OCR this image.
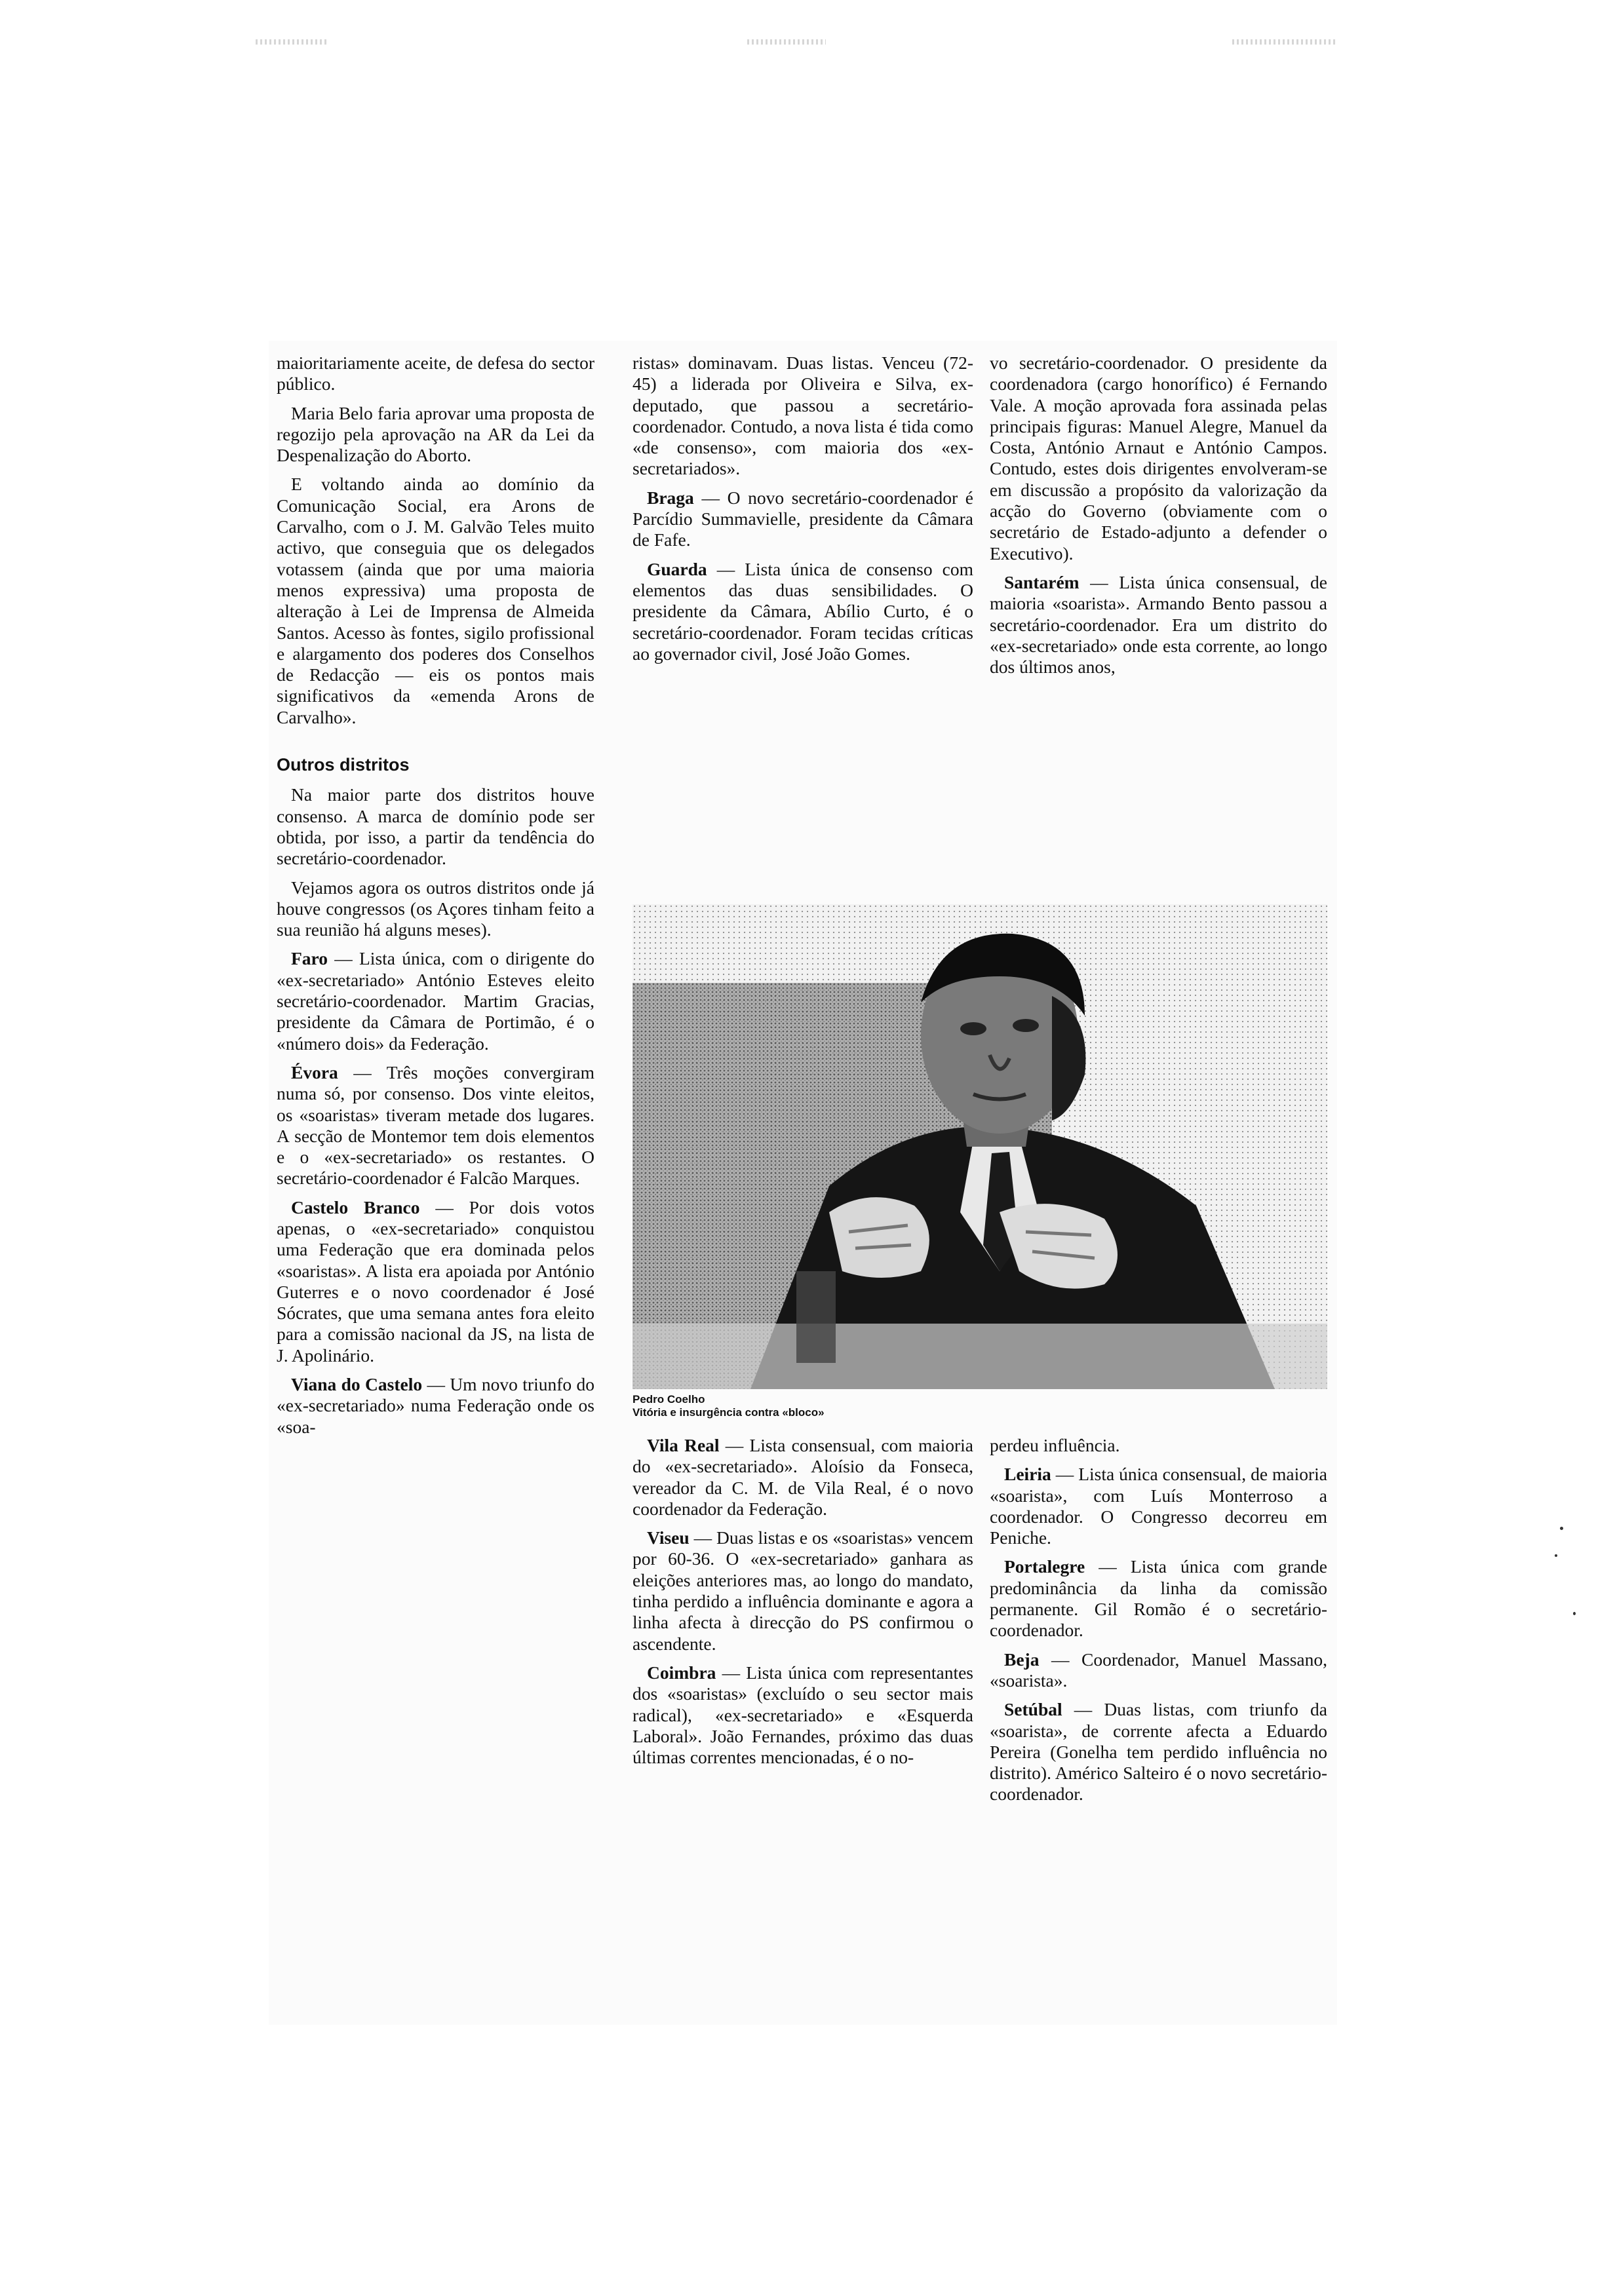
maioritariamente aceite, de defesa do sector público.

Maria Belo faria aprovar uma proposta de regozijo pela aprovação na AR da Lei da Despenalização do Aborto.

E voltando ainda ao domínio da Comunicação Social, era Arons de Carvalho, com o J. M. Galvão Teles muito activo, que conseguia que os delegados votassem (ainda que por uma maioria menos expressiva) uma proposta de alteração à Lei de Imprensa de Almeida Santos. Acesso às fontes, sigilo profissional e alargamento dos poderes dos Conselhos de Redacção — eis os pontos mais significativos da «emenda Arons de Carvalho».

Outros distritos

Na maior parte dos distritos houve consenso. A marca de domínio pode ser obtida, por isso, a partir da tendência do secretário-coordenador.

Vejamos agora os outros distritos onde já houve congressos (os Açores tinham feito a sua reunião há alguns meses).

Faro — Lista única, com o dirigente do «ex-secretariado» António Esteves eleito secretário-coordenador. Martim Gracias, presidente da Câmara de Portimão, é o «número dois» da Federação.

Évora — Três moções convergiram numa só, por consenso. Dos vinte eleitos, os «soaristas» tiveram metade dos lugares. A secção de Montemor tem dois elementos e o «ex-secretariado» os restantes. O secretário-coordenador é Falcão Marques.

Castelo Branco — Por dois votos apenas, o «ex-secretariado» conquistou uma Federação que era dominada pelos «soaristas». A lista era apoiada por António Guterres e o novo coordenador é José Sócrates, que uma semana antes fora eleito para a comissão nacional da JS, na lista de J. Apolinário.

Viana do Castelo — Um novo triunfo do «ex-secretariado» numa Federação onde os «soa-

ristas» dominavam. Duas listas. Venceu (72-45) a liderada por Oliveira e Silva, ex-deputado, que passou a secretário-coordenador. Contudo, a nova lista é tida como «de consenso», com maioria dos «ex-secretariados».

Braga — O novo secretário-coordenador é Parcídio Summavielle, presidente da Câmara de Fafe.

Guarda — Lista única de consenso com elementos das duas sensibilidades. O presidente da Câmara, Abílio Curto, é o secretário-coordenador. Foram tecidas críticas ao governador civil, José João Gomes.

vo secretário-coordenador. O presidente da coordenadora (cargo honorífico) é Fernando Vale. A moção aprovada fora assinada pelas principais figuras: Manuel Alegre, Manuel da Costa, António Arnaut e António Campos. Contudo, estes dois dirigentes envolveram-se em discussão a propósito da valorização da acção do Governo (obviamente com o secretário de Estado-adjunto a defender o Executivo).

Santarém — Lista única consensual, de maioria «soarista». Armando Bento passou a secretário-coordenador. Era um distrito do «ex-secretariado» onde esta corrente, ao longo dos últimos anos,

Pedro Coelho
Vitória e insurgência contra «bloco»

Vila Real — Lista consensual, com maioria do «ex-secretariado». Aloísio da Fonseca, vereador da C. M. de Vila Real, é o novo coordenador da Federação.

Viseu — Duas listas e os «soaristas» vencem por 60-36. O «ex-secretariado» ganhara as eleições anteriores mas, ao longo do mandato, tinha perdido a influência dominante e agora a linha afecta à direcção do PS confirmou o ascendente.

Coimbra — Lista única com representantes dos «soaristas» (excluído o seu sector mais radical), «ex-secretariado» e «Esquerda Laboral». João Fernandes, próximo das duas últimas correntes mencionadas, é o no-

perdeu influência.

Leiria — Lista única consensual, de maioria «soarista», com Luís Monterroso a coordenador. O Congresso decorreu em Peniche.

Portalegre — Lista única com grande predominância da linha da comissão permanente. Gil Romão é o secretário-coordenador.

Beja — Coordenador, Manuel Massano, «soarista».

Setúbal — Duas listas, com triunfo da «soarista», de corrente afecta a Eduardo Pereira (Gonelha tem perdido influência no distrito). Américo Salteiro é o novo secretário-coordenador.
